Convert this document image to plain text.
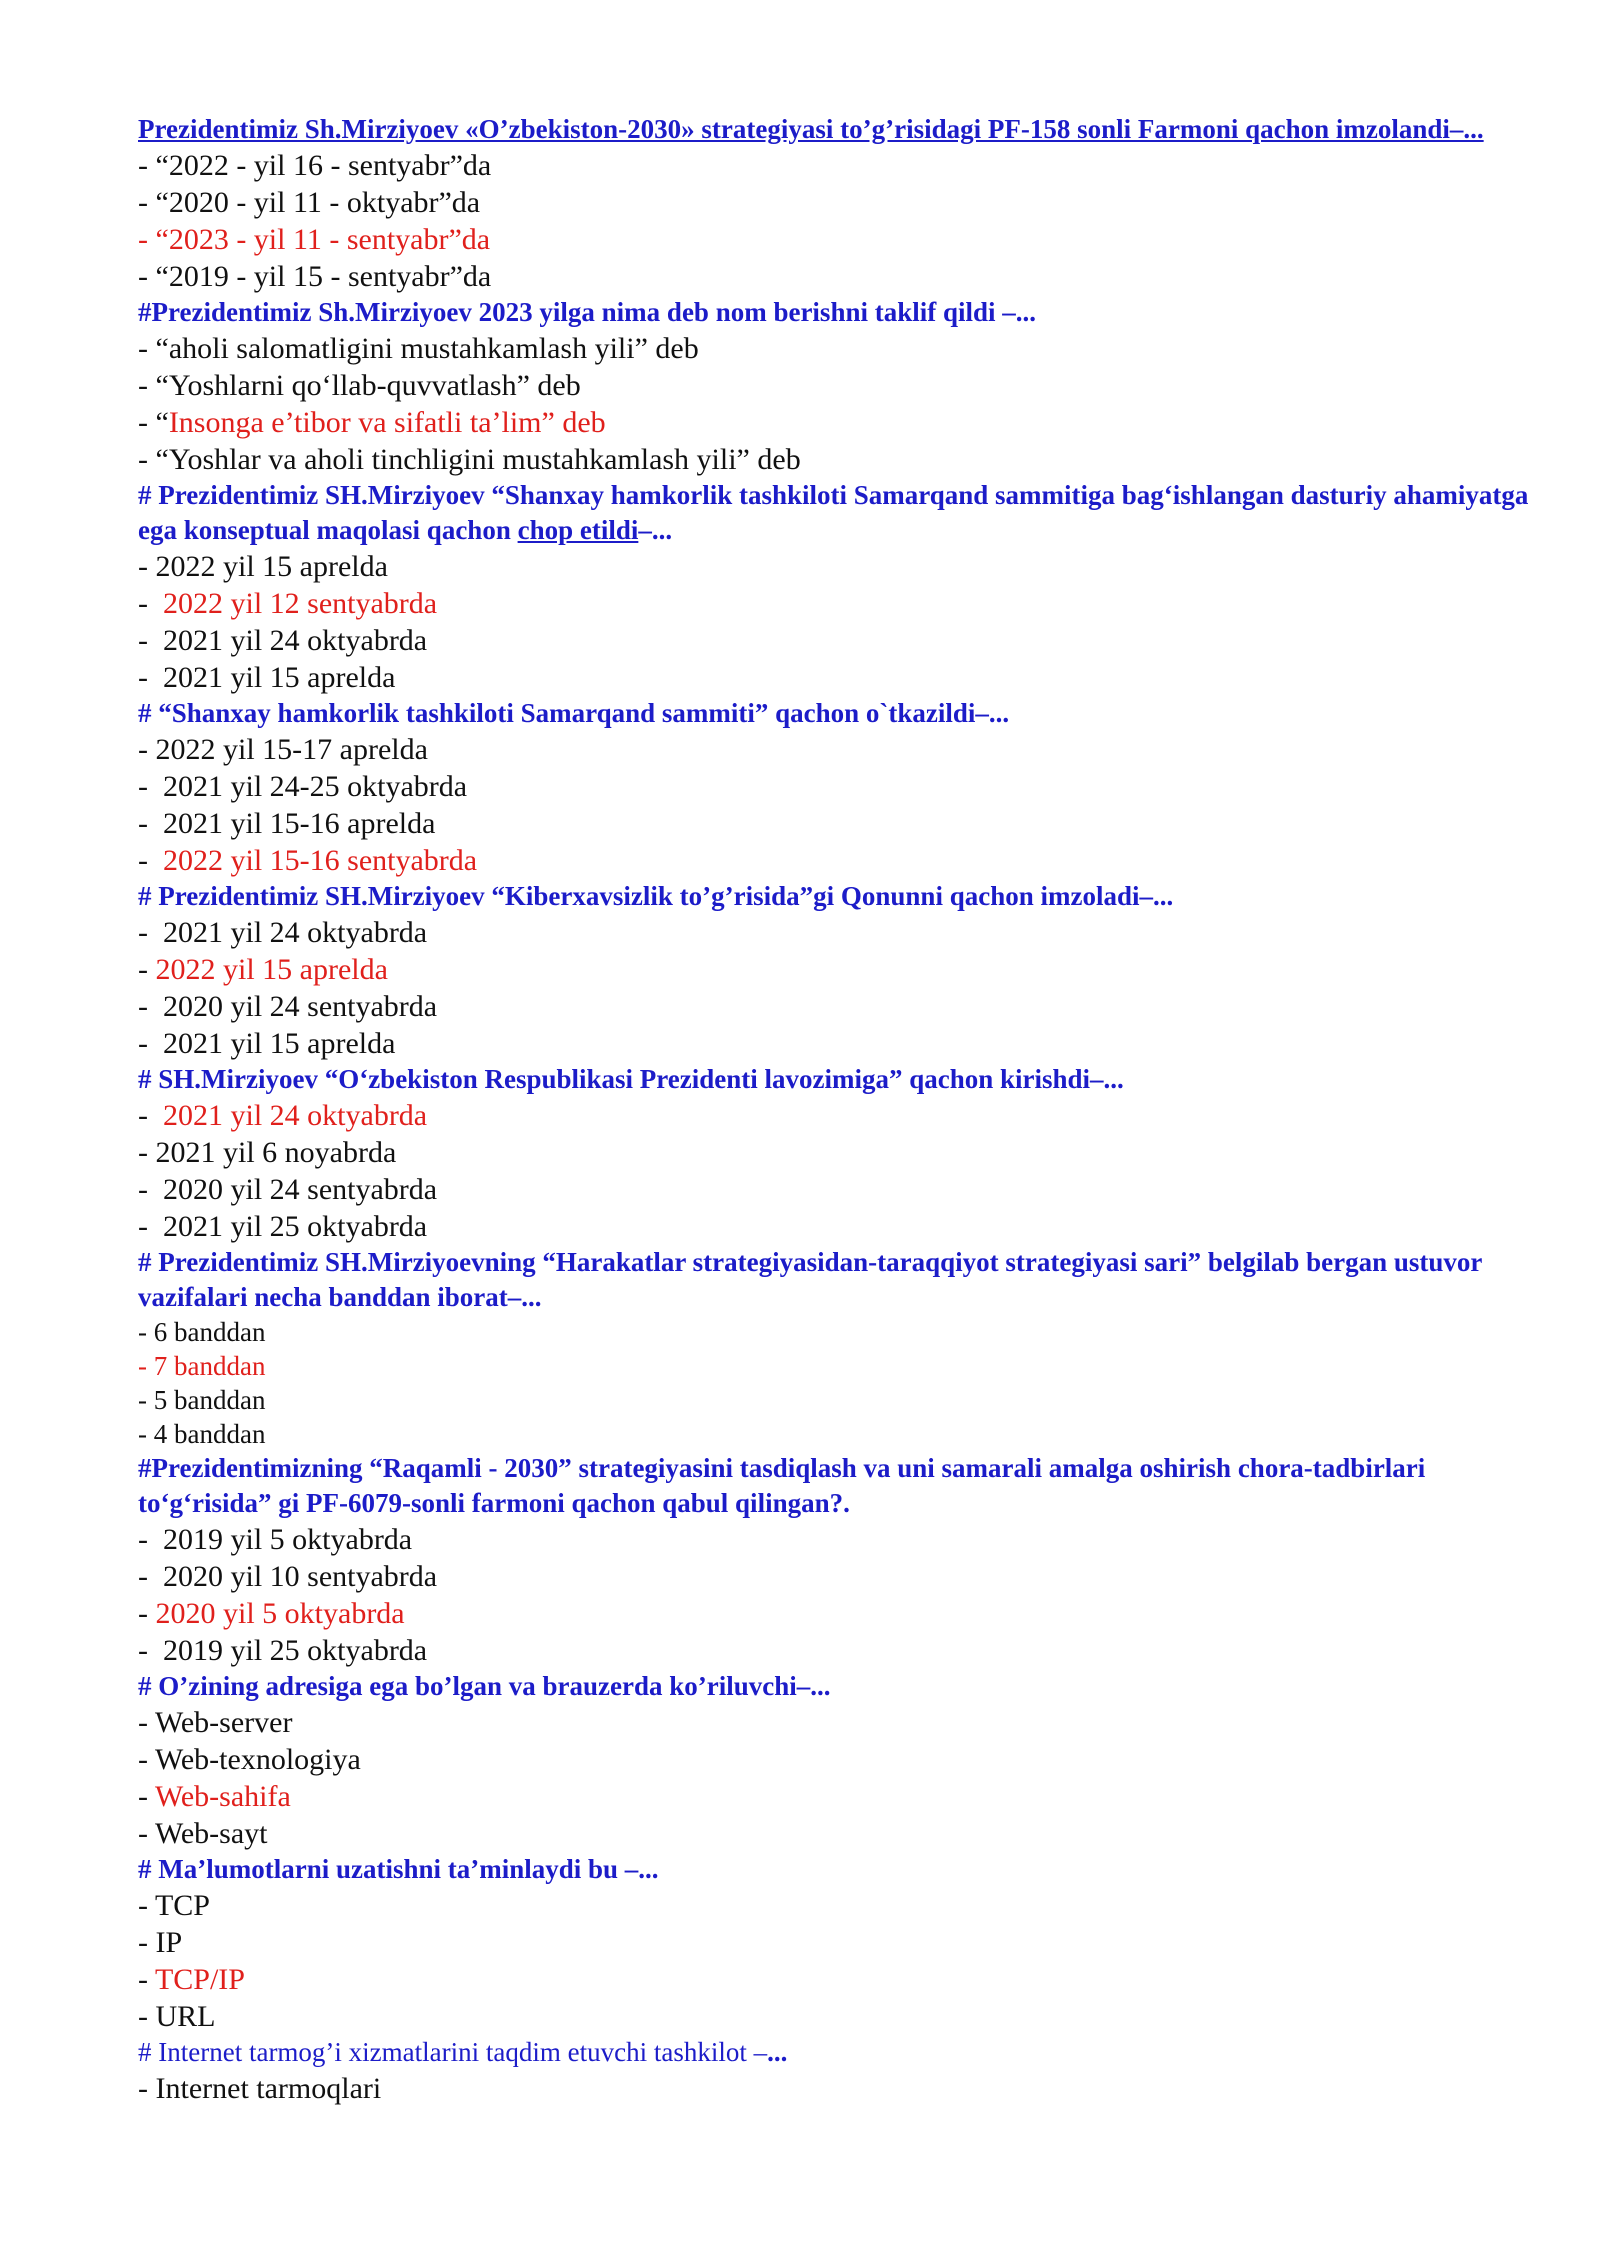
Prezidentimiz Sh.Mirziyoev «O’zbekiston-2030» strategiyasi to’g’risidagi PF-158 sonli Farmoni qachon imzolandi–...

- “2022 - yil 16 - sentyabr”da

- “2020 - yil 11 - oktyabr”da

- “2023 - yil 11 - sentyabr”da

- “2019 - yil 15 - sentyabr”da

#Prezidentimiz Sh.Mirziyoev 2023 yilga nima deb nom berishni taklif qildi –...

- “aholi salomatligini mustahkamlash yili” deb

- “Yoshlarni qo‘llab-quvvatlash” deb

- “Insonga e’tibor va sifatli ta’lim” deb

- “Yoshlar va aholi tinchligini mustahkamlash yili” deb

# Prezidentimiz SH.Mirziyoev “Shanxay hamkorlik tashkiloti Samarqand sammitiga bag‘ishlangan dasturiy ahamiyatga ega konseptual maqolasi qachon chop etildi–...

- 2022 yil 15 aprelda

-  2022 yil 12 sentyabrda

-  2021 yil 24 oktyabrda

-  2021 yil 15 aprelda

# “Shanxay hamkorlik tashkiloti Samarqand sammiti” qachon o`tkazildi–...

- 2022 yil 15-17 aprelda

-  2021 yil 24-25 oktyabrda

-  2021 yil 15-16 aprelda

-  2022 yil 15-16 sentyabrda

# Prezidentimiz SH.Mirziyoev “Kiberxavsizlik to’g’risida”gi Qonunni qachon imzoladi–...

-  2021 yil 24 oktyabrda

- 2022 yil 15 aprelda

-  2020 yil 24 sentyabrda

-  2021 yil 15 aprelda

# SH.Mirziyoev “O‘zbekiston Respublikasi Prezidenti lavozimiga” qachon kirishdi–...

-  2021 yil 24 oktyabrda

- 2021 yil 6 noyabrda

-  2020 yil 24 sentyabrda

-  2021 yil 25 oktyabrda

# Prezidentimiz SH.Mirziyoevning “Harakatlar strategiyasidan-taraqqiyot strategiyasi sari” belgilab bergan ustuvor vazifalari necha banddan iborat–...

- 6 banddan

- 7 banddan

- 5 banddan

- 4 banddan

#Prezidentimizning “Raqamli - 2030” strategiyasini tasdiqlash va uni samarali amalga oshirish chora-tadbirlari to‘g‘risida” gi PF-6079-sonli farmoni qachon qabul qilingan?.

-  2019 yil 5 oktyabrda

-  2020 yil 10 sentyabrda

- 2020 yil 5 oktyabrda

-  2019 yil 25 oktyabrda

# O’zining adresiga ega bo’lgan va brauzerda ko’riluvchi–...

- Web-server

- Web-texnologiya

- Web-sahifa

- Web-sayt

# Ma’lumotlarni uzatishni ta’minlaydi bu –...

- TCP

- IP

- TCP/IP

- URL

# Internet tarmog’i xizmatlarini taqdim etuvchi tashkilot –...

- Internet tarmoqlari
